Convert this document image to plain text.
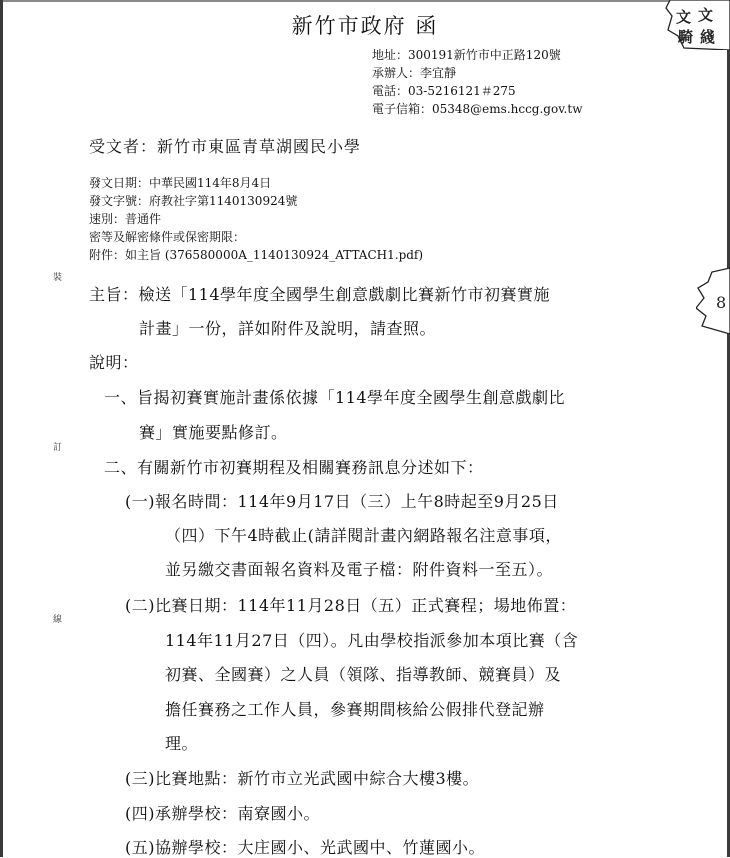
文 文
騎 綫
8
新竹市政府 函
地址：300191新竹市中正路120號
承辦人：李宜靜
電話：03-5216121＃275
電子信箱：05348@ems.hccg.gov.tw
受文者：新竹市東區青草湖國民小學
發文日期：中華民國114年8月4日
發文字號：府教社字第1140130924號
速別：普通件
密等及解密條件或保密期限：
附件：如主旨 (376580000A_1140130924_ATTACH1.pdf)
裝
訂
線
主旨：檢送「114學年度全國學生創意戲劇比賽新竹市初賽實施
計畫」一份，詳如附件及說明，請查照。
說明：
一、旨揭初賽實施計畫係依據「114學年度全國學生創意戲劇比
賽」實施要點修訂。
二、有關新竹市初賽期程及相關賽務訊息分述如下：
(一)報名時間：114年9月17日（三）上午8時起至9月25日
（四）下午4時截止(請詳閱計畫內網路報名注意事項，
並另繳交書面報名資料及電子檔：附件資料一至五）。
(二)比賽日期：114年11月28日（五）正式賽程；場地佈置：
114年11月27日（四）。凡由學校指派參加本項比賽（含
初賽、全國賽）之人員（領隊、指導教師、競賽員）及
擔任賽務之工作人員，參賽期間核給公假排代登記辦
理。
(三)比賽地點：新竹市立光武國中綜合大樓3樓。
(四)承辦學校：南寮國小。
(五)協辦學校：大庄國小、光武國中、竹蓮國小。
